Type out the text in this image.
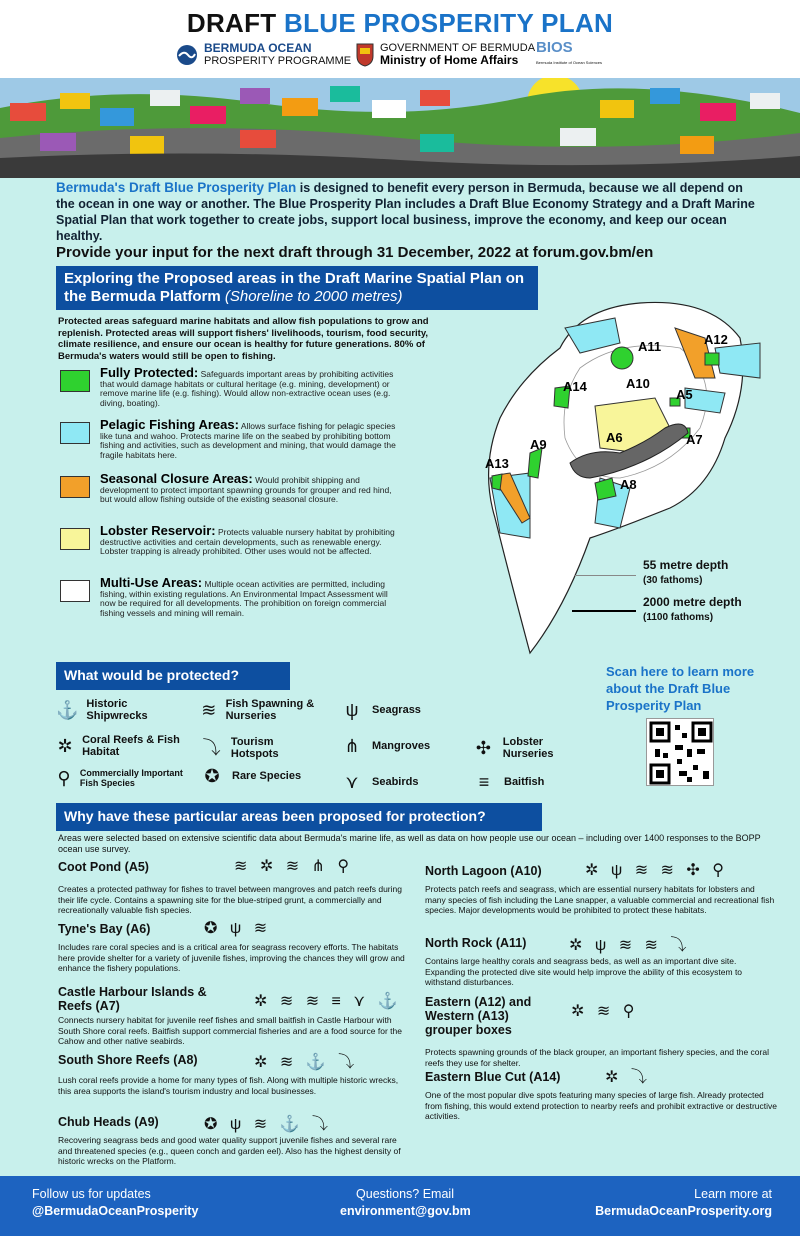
DRAFT BLUE PROSPERITY PLAN
BERMUDA OCEAN
PROSPERITY PROGRAMME
GOVERNMENT OF BERMUDA
Ministry of Home Affairs
BIOS
Bermuda Institute of Ocean Sciences
Bermuda's Draft Blue Prosperity Plan is designed to benefit every person in Bermuda, because we all depend on the ocean in one way or another. The Blue Prosperity Plan includes a Draft Blue Economy Strategy and a Draft Marine Spatial Plan that work together to create jobs, support local business, improve the economy, and keep our ocean healthy.
Provide your input for the next draft through 31 December, 2022 at forum.gov.bm/en
Exploring the Proposed areas in the Draft Marine Spatial Plan on the Bermuda Platform (Shoreline to 2000 metres)
Protected areas safeguard marine habitats and allow fish populations to grow and replenish. Protected areas will support fishers' livelihoods, tourism, food security, climate resilience, and ensure our ocean is healthy for future generations. 80% of Bermuda's waters would still be open to fishing.
Fully Protected: Safeguards important areas by prohibiting activities that would damage habitats or cultural heritage (e.g. mining, development) or remove marine life (e.g. fishing). Would allow non-extractive ocean uses (e.g. diving, boating).
Pelagic Fishing Areas: Allows surface fishing for pelagic species like tuna and wahoo. Protects marine life on the seabed by prohibiting bottom fishing and activities, such as development and mining, that would damage the fragile habitats here.
Seasonal Closure Areas: Would prohibit shipping and development to protect important spawning grounds for grouper and red hind, but would allow fishing outside of the existing seasonal closure.
Lobster Reservoir: Protects valuable nursery habitat by prohibiting destructive activities and certain developments, such as renewable energy. Lobster trapping is already prohibited. Other uses would not be affected.
Multi-Use Areas: Multiple ocean activities are permitted, including fishing, within existing regulations. An Environmental Impact Assessment will now be required for all developments. The prohibition on foreign commercial fishing vessels and mining will remain.
A11	A12
A14	A10
A5
A6	A7
A9
A13
A8
55 metre depth
(30 fathoms)
2000 metre depth
(1100 fathoms)
What would be protected?
⚓ Historic Shipwrecks	≋ Fish Spawning & Nurseries	ψ	Seagrass
✲ Coral Reefs & Fish Habitat	⤵ Tourism Hotspots	⋔	Mangroves	✣	Lobster Nurseries
⚲ Commercially Important Fish Species	✪	Rare Species	⋎	Seabirds	≡	Baitfish
Scan here to learn more about the Draft Blue Prosperity Plan
Why have these particular areas been proposed for protection?
Areas were selected based on extensive scientific data about Bermuda's marine life, as well as data on how people use our ocean – including over 1400 responses to the BOPP ocean use survey.
Coot Pond (A5)

Creates a protected pathway for fishes to travel between mangroves and patch reefs during their life cycle. Contains a spawning site for the blue-striped grunt, a commercially and recreationally valuable fish species.

≋ ✲ ≋ ⋔ ⚲
Tyne's Bay (A6)

Includes rare coral species and is a critical area for seagrass recovery efforts. The habitats here provide shelter for a variety of juvenile fishes, improving the chances they will grow and enhance the fishery populations.

✪ ψ ≋
Castle Harbour Islands & Reefs (A7)

Connects nursery habitat for juvenile reef fishes and small baitfish in Castle Harbour with South Shore coral reefs. Baitfish support commercial fisheries and are a food source for the Cahow and other native seabirds.

✲ ≋ ≋ ≡ ⋎ ⚓
South Shore Reefs (A8)

Lush coral reefs provide a home for many types of fish. Along with multiple historic wrecks, this area supports the island's tourism industry and local businesses.

✲ ≋ ⚓ ⤵
Chub Heads (A9)

Recovering seagrass beds and good water quality support juvenile fishes and several rare and threatened species (e.g., queen conch and garden eel). Also has the highest density of historic wrecks on the Platform.

✪ ψ ≋ ⚓ ⤵
North Lagoon (A10)

Protects patch reefs and seagrass, which are essential nursery habitats for lobsters and many species of fish including the Lane snapper, a valuable commercial and recreational fish species. Major developments would be prohibited to protect these habitats.

✲ ψ ≋ ≋ ✣ ⚲
North Rock (A11)

Contains large healthy corals and seagrass beds, as well as an important dive site. Expanding the protected dive site would help improve the ability of this ecosystem to withstand disturbances.

✲ ψ ≋ ≋ ⤵
Eastern (A12) and Western (A13) grouper boxes

Protects spawning grounds of the black grouper, an important fishery species, and the coral reefs they use for shelter.

✲ ≋ ⚲
Eastern Blue Cut (A14)

One of the most popular dive spots featuring many species of large fish. Already protected from fishing, this would extend protection to nearby reefs and prohibit extractive or destructive activities.

✲ ⤵
Follow us for updates
@BermudaOceanProsperity
Questions? Email
environment@gov.bm
Learn more at
BermudaOceanProsperity.org
